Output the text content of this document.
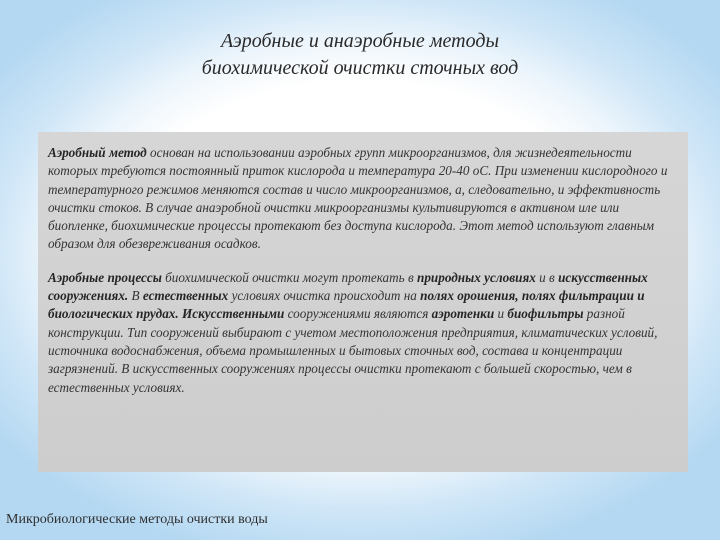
Аэробные и анаэробные методы
биохимической очистки сточных вод

Аэробный метод основан на использовании аэробных групп микроорганизмов, для жизнедеятельности которых требуются постоянный приток кислорода и температура 20-40 оС. При изменении кислородного и температурного режимов меняются состав и число микроорганизмов, а, следовательно, и эффективность очистки стоков. В случае анаэробной очистки микроорганизмы культивируются в активном иле или биопленке, биохимические процессы протекают без доступа кислорода. Этот метод используют главным образом для обезвреживания осадков.

Аэробные процессы биохимической очистки могут протекать в природных условиях и в искусственных сооружениях. В естественных условиях очистка происходит на полях орошения, полях фильтрации и биологических прудах. Искусственными сооружениями являются аэротенки и биофильтры разной конструкции. Тип сооружений выбирают с учетом местоположения предприятия, климатических условий, источника водоснабжения, объема промышленных и бытовых сточных вод, состава и концентрации загрязнений. В искусственных сооружениях процессы очистки протекают с большей скоростью, чем в естественных условиях.

Микробиологические методы очистки воды
